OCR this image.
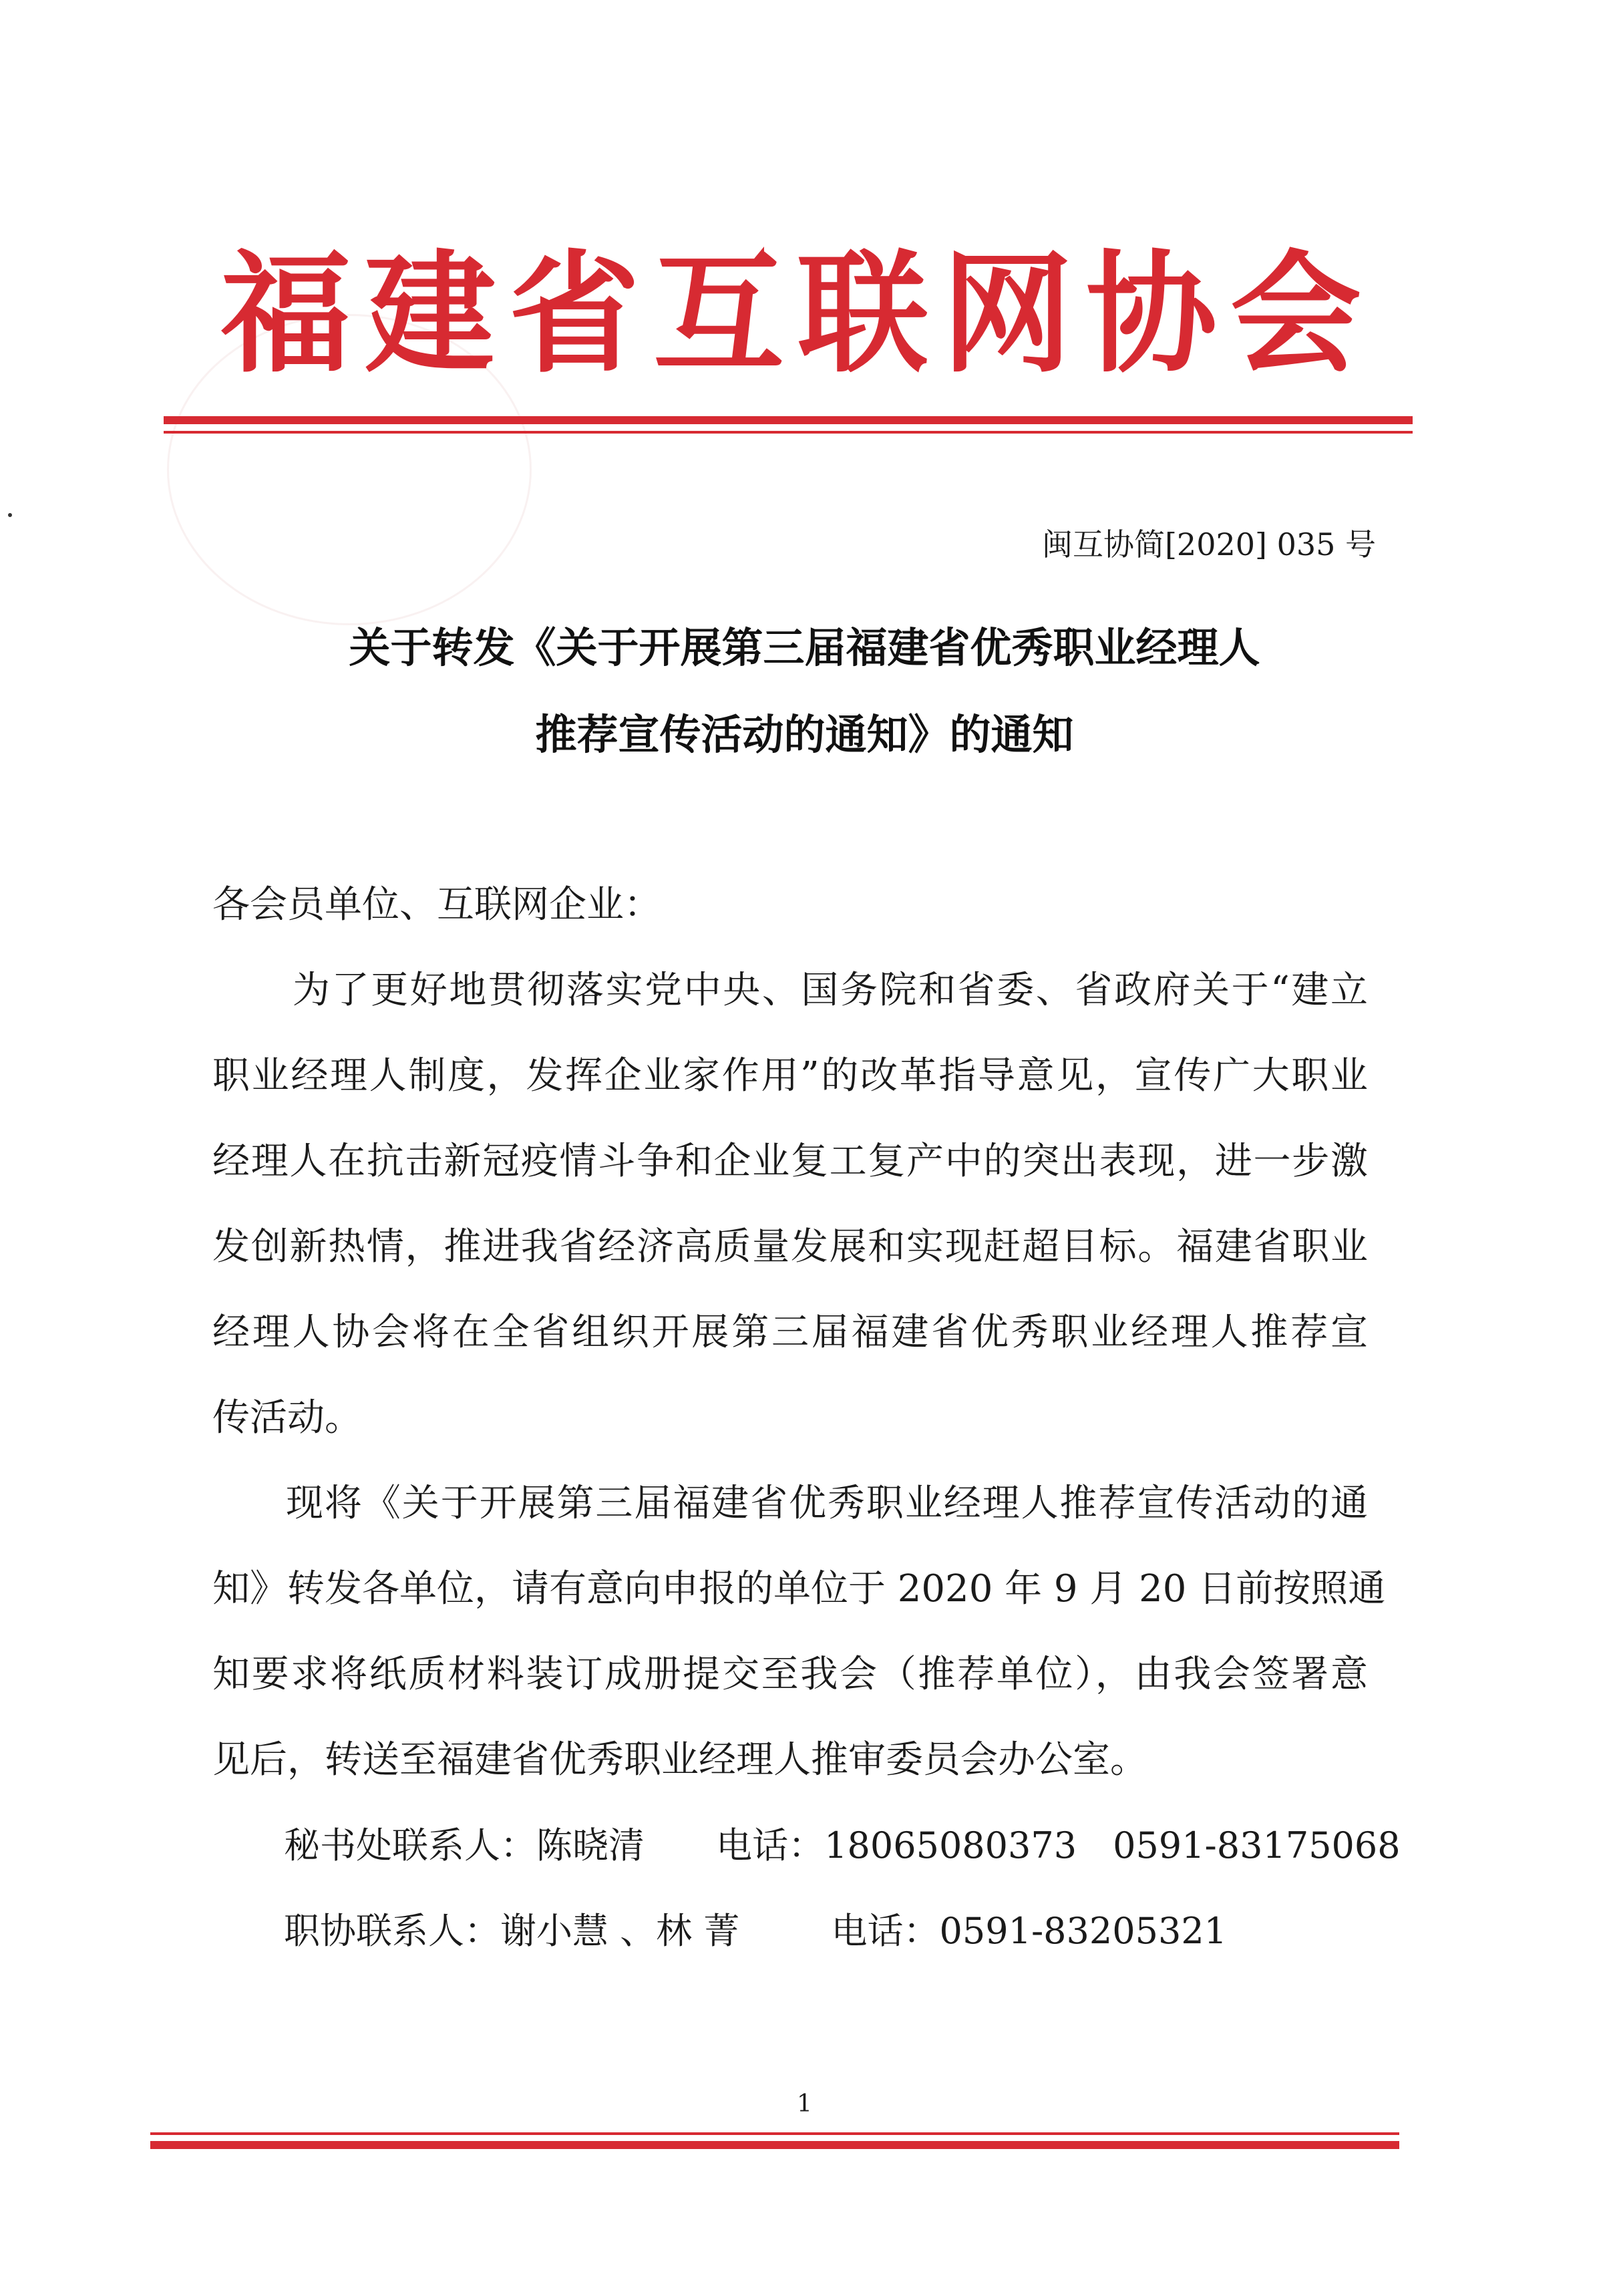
福建省互联网协会
闽互协简[2020] 035 号
关于转发《关于开展第三届福建省优秀职业经理人
推荐宣传活动的通知》的通知
各会员单位、互联网企业：
为了更好地贯彻落实党中央、国务院和省委、省政府关于“建立
职业经理人制度，发挥企业家作用”的改革指导意见，宣传广大职业
经理人在抗击新冠疫情斗争和企业复工复产中的突出表现，进一步激
发创新热情，推进我省经济高质量发展和实现赶超目标。福建省职业
经理人协会将在全省组织开展第三届福建省优秀职业经理人推荐宣
传活动。
现将《关于开展第三届福建省优秀职业经理人推荐宣传活动的通
知》转发各单位，请有意向申报的单位于 2020 年 9 月 20 日前按照通
知要求将纸质材料装订成册提交至我会（推荐单位），由我会签署意
见后，转送至福建省优秀职业经理人推审委员会办公室。
秘书处联系人：陈晓清 电话：18065080373　0591-83175068
职协联系人：谢小慧 、林 菁	电话：0591-83205321
1
